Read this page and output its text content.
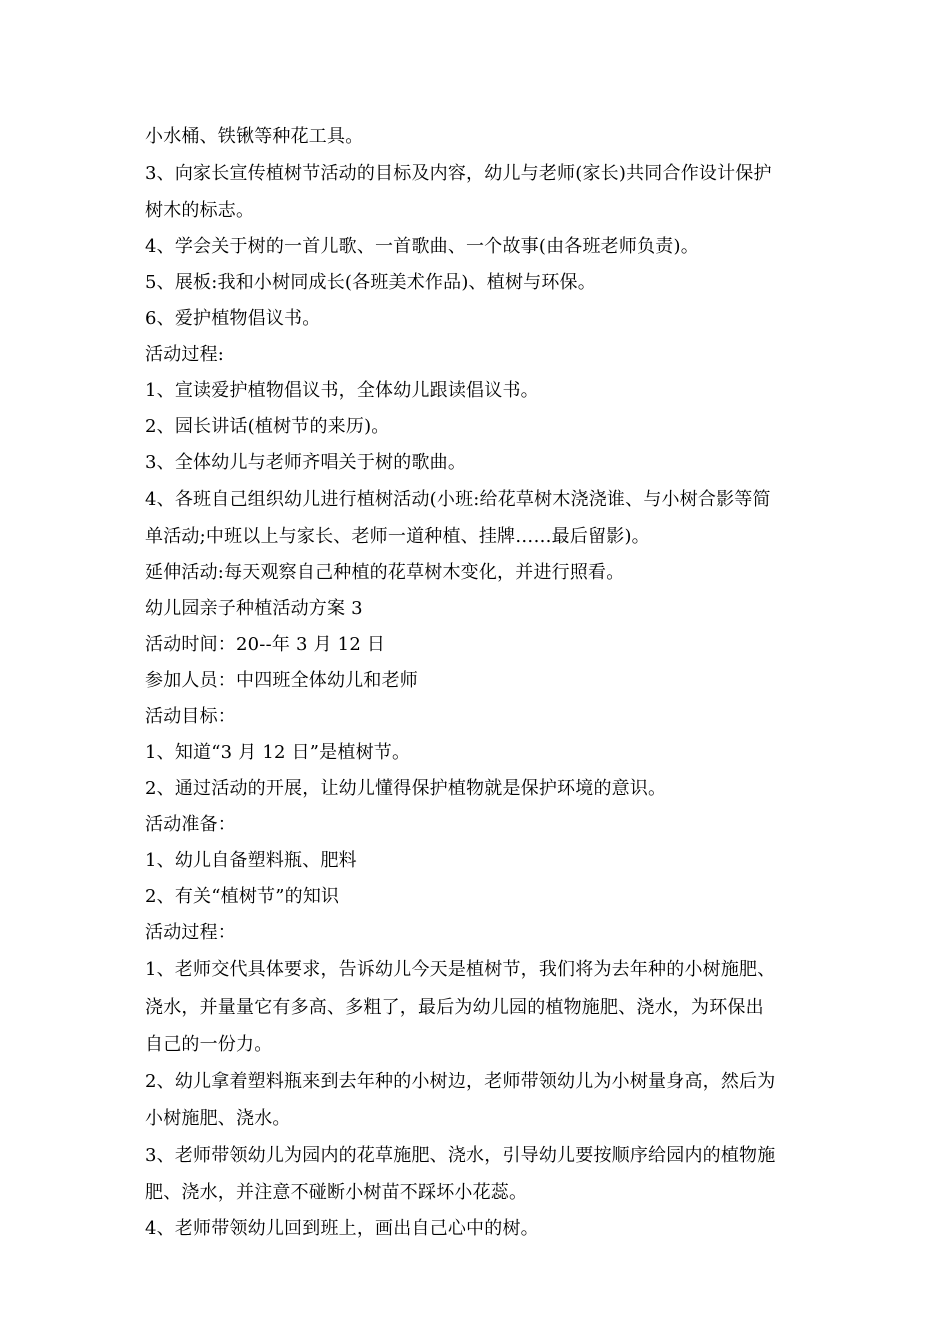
小水桶、铁锹等种花工具。
3、向家长宣传植树节活动的目标及内容，幼儿与老师(家长)共同合作设计保护
树木的标志。
4、学会关于树的一首儿歌、一首歌曲、一个故事(由各班老师负责)。
5、展板:我和小树同成长(各班美术作品)、植树与环保。
6、爱护植物倡议书。
活动过程:
1、宣读爱护植物倡议书，全体幼儿跟读倡议书。
2、园长讲话(植树节的来历)。
3、全体幼儿与老师齐唱关于树的歌曲。
4、各班自己组织幼儿进行植树活动(小班:给花草树木浇浇谁、与小树合影等简
单活动;中班以上与家长、老师一道种植、挂牌……最后留影)。
延伸活动:每天观察自己种植的花草树木变化，并进行照看。
幼儿园亲子种植活动方案 3
活动时间：20--年 3 月 12 日
参加人员：中四班全体幼儿和老师
活动目标：
1、知道“3 月 12 日”是植树节。
2、通过活动的开展，让幼儿懂得保护植物就是保护环境的意识。
活动准备：
1、幼儿自备塑料瓶、肥料
2、有关“植树节”的知识
活动过程：
1、老师交代具体要求，告诉幼儿今天是植树节，我们将为去年种的小树施肥、
浇水，并量量它有多高、多粗了，最后为幼儿园的植物施肥、浇水，为环保出
自己的一份力。
2、幼儿拿着塑料瓶来到去年种的小树边，老师带领幼儿为小树量身高，然后为
小树施肥、浇水。
3、老师带领幼儿为园内的花草施肥、浇水，引导幼儿要按顺序给园内的植物施
肥、浇水，并注意不碰断小树苗不踩坏小花蕊。
4、老师带领幼儿回到班上，画出自己心中的树。
